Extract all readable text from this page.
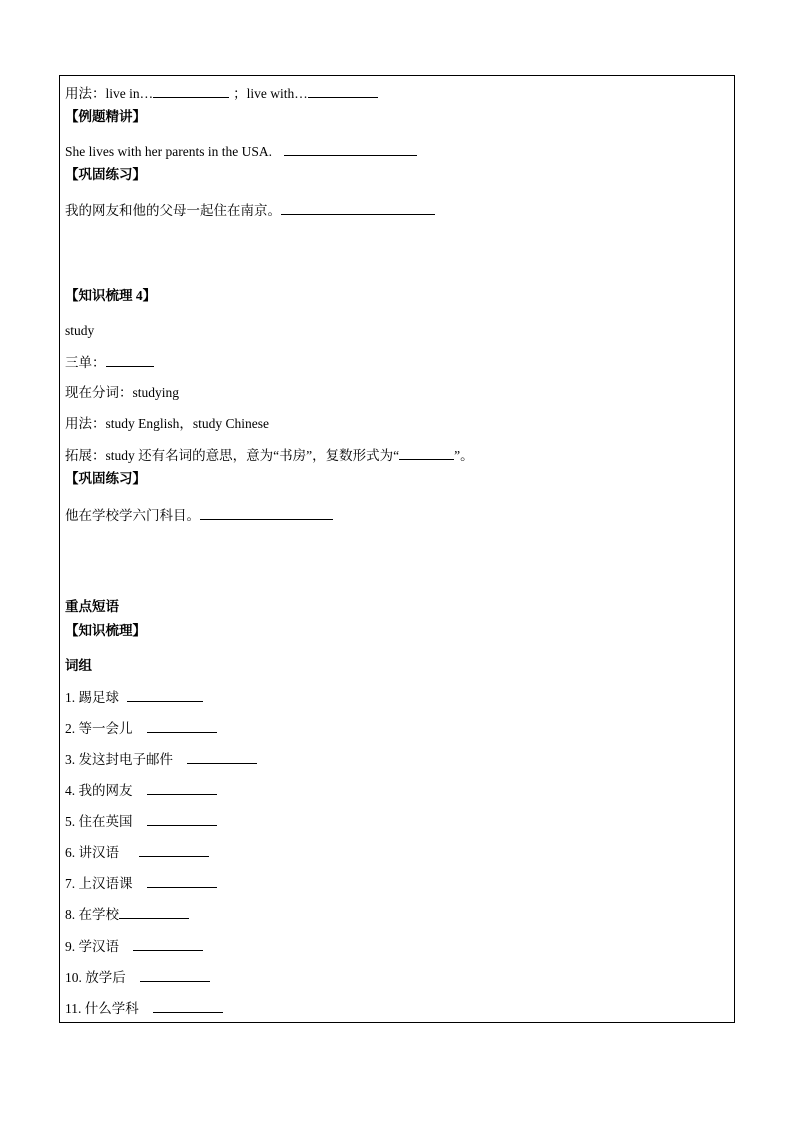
用法：live in…	；live with…
【例题精讲】
She lives with her parents in the USA.
【巩固练习】
我的网友和他的父母一起住在南京。
【知识梳理 4】
study
三单：
现在分词：studying
用法：study English，study Chinese
拓展：study 还有名词的意思，意为“书房”，复数形式为“	”。
【巩固练习】
他在学校学六门科目。
重点短语
【知识梳理】
词组
1. 踢足球
2. 等一会儿
3. 发这封电子邮件
4. 我的网友
5. 住在英国
6. 讲汉语
7. 上汉语课
8. 在学校
9. 学汉语
10. 放学后
11. 什么学科
